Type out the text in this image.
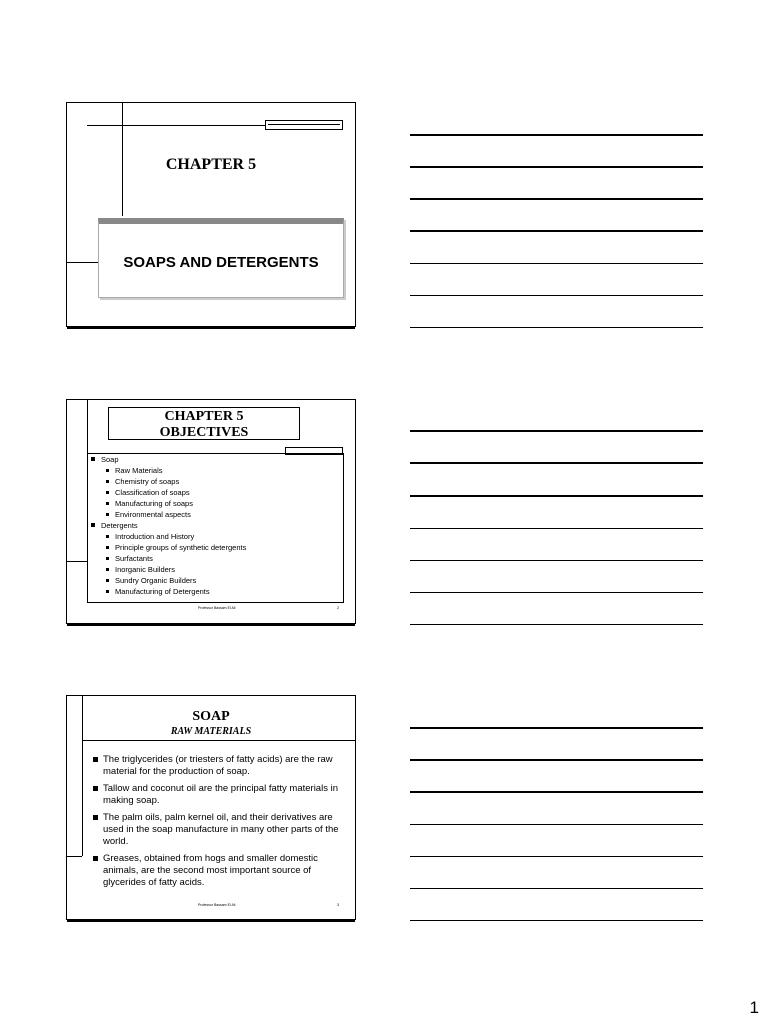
CHAPTER 5
SOAPS AND DETERGENTS
CHAPTER 5
OBJECTIVES
Soap
Raw Materials
Chemistry of soaps
Classification of soaps
Manufacturing of soaps
Environmental aspects
Detergents
Introduction and History
Principle groups of synthetic detergents
Surfactants
Inorganic Builders
Sundry Organic Builders
Manufacturing of Detergents
Professor Bassam El Ali	2
SOAP
RAW MATERIALS
The triglycerides (or triesters of fatty acids) are the raw material for the production of soap.
Tallow and coconut oil are the principal fatty materials in making soap.
The palm oils, palm kernel oil, and their derivatives are used in the soap manufacture in many other parts of the world.
Greases, obtained from hogs and smaller domestic animals, are the second most important source of glycerides of fatty acids.
Professor Bassam El Ali	3
1
